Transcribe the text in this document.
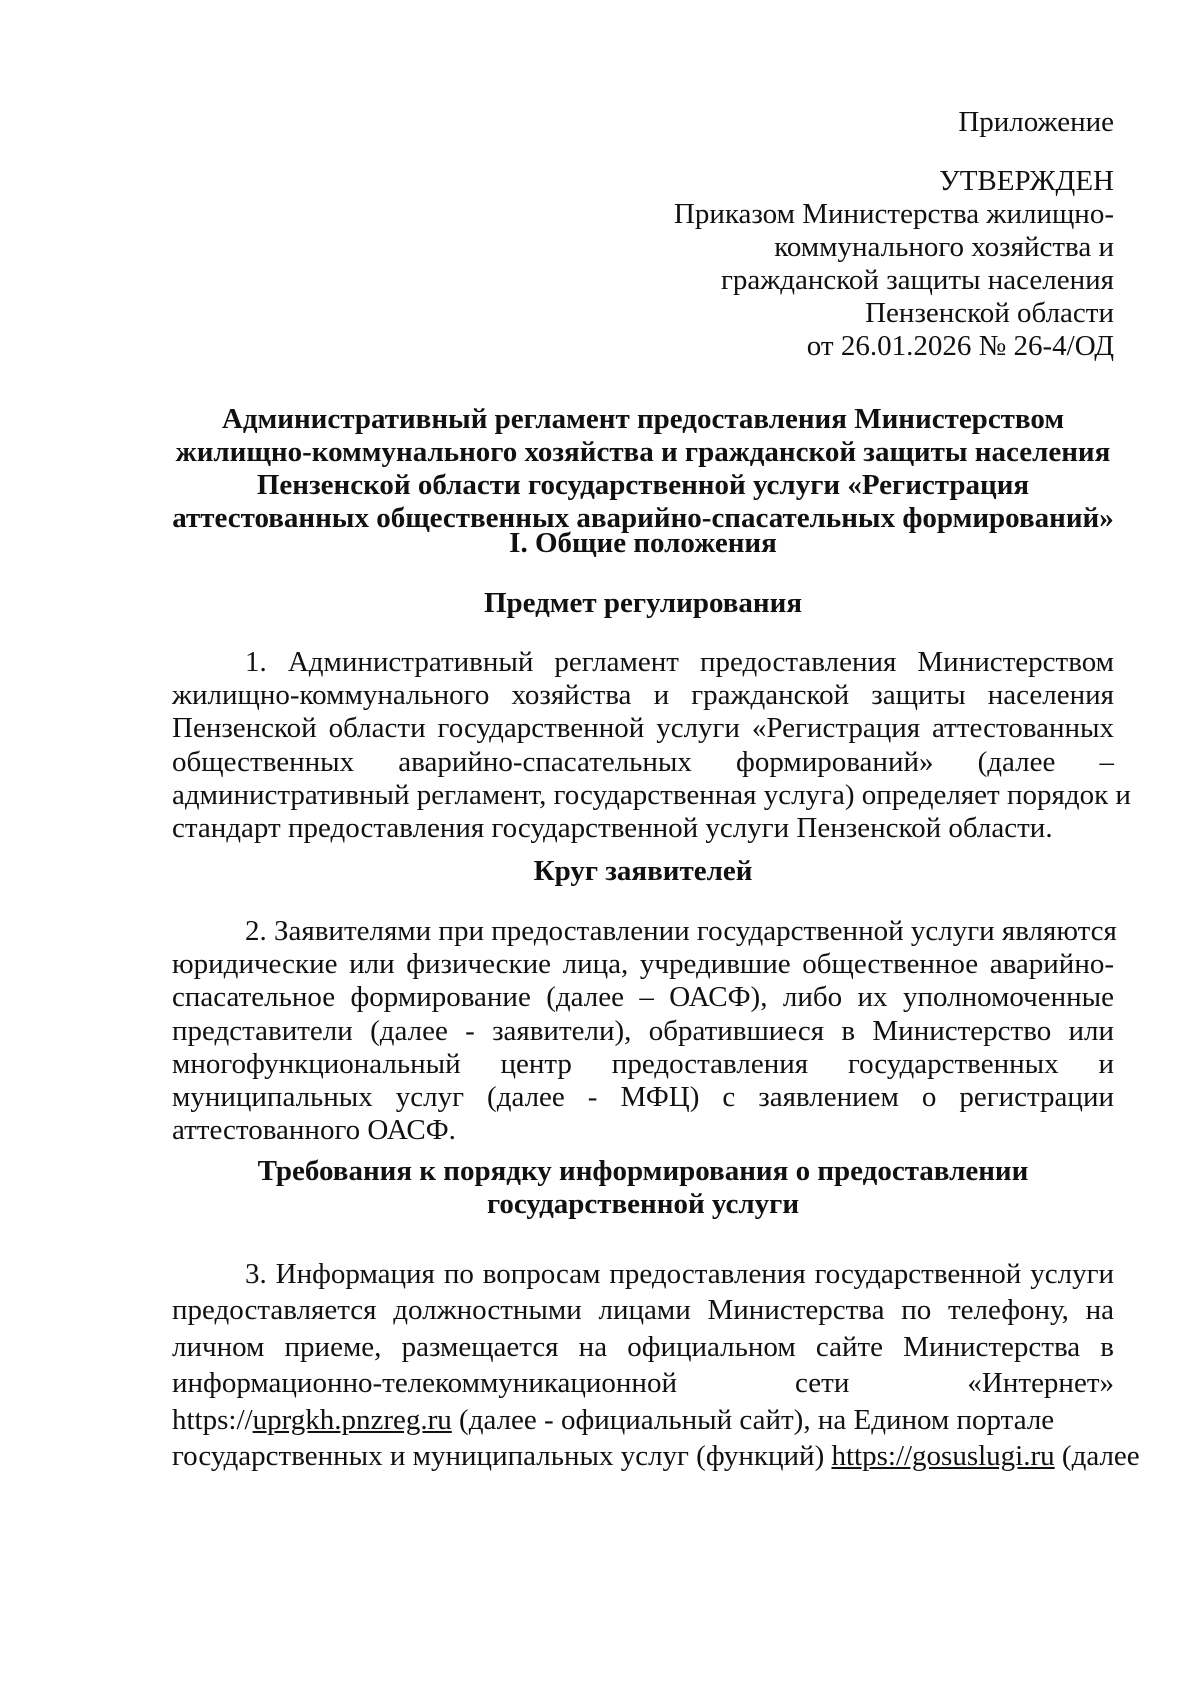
Приложение
УТВЕРЖДЕН
Приказом Министерства жилищно-
коммунального хозяйства и
гражданской защиты населения
Пензенской области
от 26.01.2026 № 26-4/ОД
Административный регламент предоставления Министерством
жилищно-коммунального хозяйства и гражданской защиты населения
Пензенской области государственной услуги «Регистрация
аттестованных общественных аварийно-спасательных формирований»
I. Общие положения
Предмет регулирования
1. Административный регламент предоставления Министерством
жилищно-коммунального хозяйства и гражданской защиты населения
Пензенской области государственной услуги «Регистрация аттестованных
общественных аварийно-спасательных формирований» (далее –
административный регламент, государственная услуга) определяет порядок и
стандарт предоставления государственной услуги Пензенской области.
Круг заявителей
2. Заявителями при предоставлении государственной услуги являются
юридические или физические лица, учредившие общественное аварийно-
спасательное формирование (далее – ОАСФ), либо их уполномоченные
представители (далее - заявители), обратившиеся в Министерство или
многофункциональный центр предоставления государственных и
муниципальных услуг (далее - МФЦ) с заявлением о регистрации
аттестованного ОАСФ.
Требования к порядку информирования о предоставлении
государственной услуги
3. Информация по вопросам предоставления государственной услуги
предоставляется должностными лицами Министерства по телефону, на
личном приеме, размещается на официальном сайте Министерства в
информационно-телекоммуникационной сети «Интернет»
https://uprgkh.pnzreg.ru (далее - официальный сайт), на Едином портале
государственных и муниципальных услуг (функций) https://gosuslugi.ru (далее
